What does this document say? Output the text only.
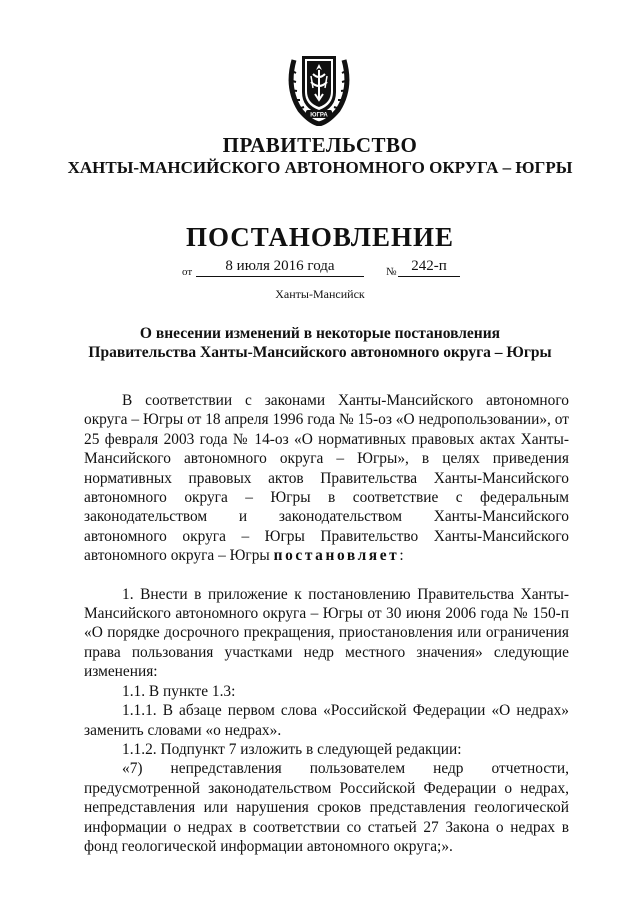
ЮГРА
ПРАВИТЕЛЬСТВО
ХАНТЫ-МАНСИЙСКОГО АВТОНОМНОГО ОКРУГА – ЮГРЫ
ПОСТАНОВЛЕНИЕ
от	8 июля 2016 года	№ 242-п
Ханты-Мансийск
О внесении изменений в некоторые постановления
Правительства Ханты-Мансийского автономного округа – Югры

В соответствии с законами Ханты-Мансийского автономного округа – Югры от 18 апреля 1996 года № 15-оз «О недропользовании», от 25 февраля 2003 года № 14-оз «О нормативных правовых актах Ханты-Мансийского автономного округа – Югры», в целях приведения нормативных правовых актов Правительства Ханты-Мансийского автономного округа – Югры в соответствие с федеральным законодательством и законодательством Ханты-Мансийского автономного округа – Югры Правительство Ханты-Мансийского автономного округа – Югры постановляет:

1. Внести в приложение к постановлению Правительства Ханты-Мансийского автономного округа – Югры от 30 июня 2006 года № 150-п «О порядке досрочного прекращения, приостановления или ограничения права пользования участками недр местного значения» следующие изменения:

1.1. В пункте 1.3:

1.1.1. В абзаце первом слова «Российской Федерации «О недрах» заменить словами «о недрах».

1.1.2. Подпункт 7 изложить в следующей редакции:

«7) непредставления пользователем недр отчетности, предусмотренной законодательством Российской Федерации о недрах, непредставления или нарушения сроков представления геологической информации о недрах в соответствии со статьей 27 Закона о недрах в фонд геологической информации автономного округа;».
